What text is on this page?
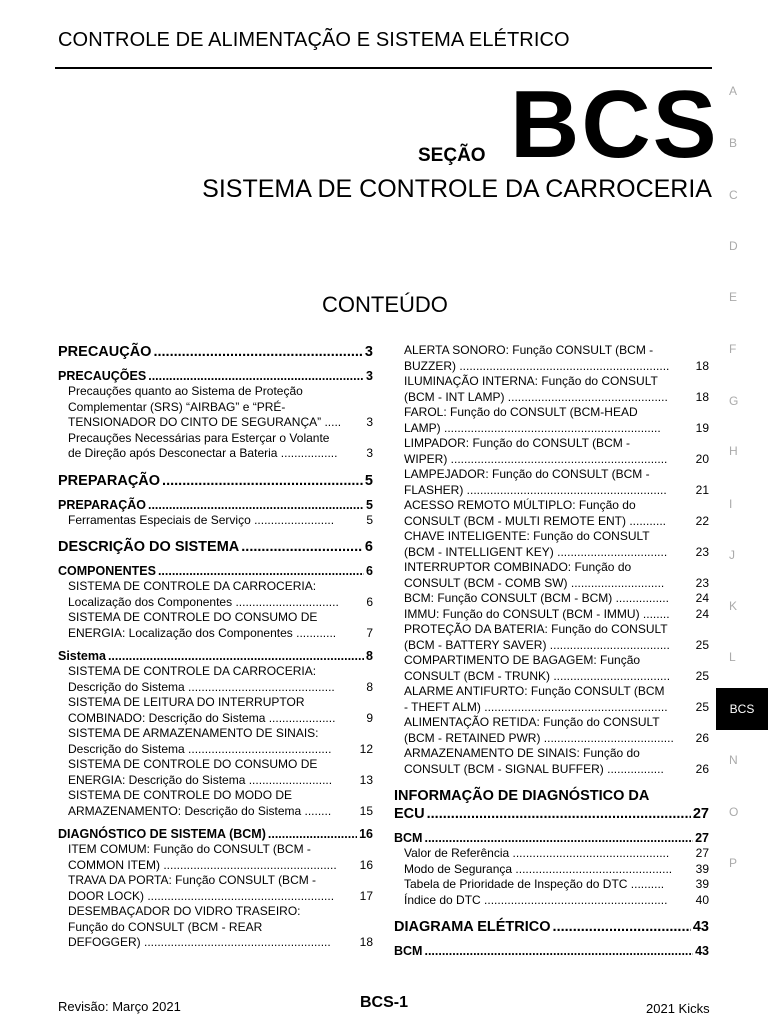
CONTROLE DE ALIMENTAÇÃO E SISTEMA ELÉTRICO
SEÇÃO BCS
SISTEMA DE CONTROLE DA CARROCERIA
CONTEÚDO
PRECAUÇÃO .....	3
PRECAUÇÕES .....	3
Precauções quanto ao Sistema de Proteção
Complementar (SRS) “AIRBAG” e “PRÉ-
TENSIONADOR DO CINTO DE SEGURANÇA” .....	3
Precauções Necessárias para Esterçar o Volante
de Direção após Desconectar a Bateria .................	3
PREPARAÇÃO .....	5
PREPARAÇÃO .....	5
Ferramentas Especiais de Serviço ........................	5
DESCRIÇÃO DO SISTEMA .....	6
COMPONENTES .....	6
SISTEMA DE CONTROLE DA CARROCERIA:
Localização dos Componentes ...............................	6
SISTEMA DE CONTROLE DO CONSUMO DE
ENERGIA: Localização dos Componentes ............	7
Sistema .....	8
SISTEMA DE CONTROLE DA CARROCERIA:
Descrição do Sistema ............................................	8
SISTEMA DE LEITURA DO INTERRUPTOR
COMBINADO: Descrição do Sistema ....................	9
SISTEMA DE ARMAZENAMENTO DE SINAIS:
Descrição do Sistema ...........................................	12
SISTEMA DE CONTROLE DO CONSUMO DE
ENERGIA: Descrição do Sistema .........................	13
SISTEMA DE CONTROLE DO MODO DE
ARMAZENAMENTO: Descrição do Sistema ........	15
DIAGNÓSTICO DE SISTEMA (BCM) .....	16
ITEM COMUM: Função do CONSULT (BCM -
COMMON ITEM) ....................................................	16
TRAVA DA PORTA: Função CONSULT (BCM -
DOOR LOCK) ........................................................	17
DESEMBAÇADOR DO VIDRO TRASEIRO:
Função do CONSULT (BCM - REAR
DEFOGGER) ........................................................	18
ALERTA SONORO: Função CONSULT (BCM -
BUZZER) ...............................................................	18
ILUMINAÇÃO INTERNA: Função do CONSULT
(BCM - INT LAMP) ................................................	18
FAROL: Função do CONSULT (BCM-HEAD
LAMP) .................................................................	19
LIMPADOR: Função do CONSULT (BCM -
WIPER) .................................................................	20
LAMPEJADOR: Função do CONSULT (BCM -
FLASHER) ............................................................	21
ACESSO REMOTO MÚLTIPLO: Função do
CONSULT (BCM - MULTI REMOTE ENT) ...........	22
CHAVE INTELIGENTE: Função do CONSULT
(BCM - INTELLIGENT KEY) .................................	23
INTERRUPTOR COMBINADO: Função do
CONSULT (BCM - COMB SW) ............................	23
BCM: Função CONSULT (BCM - BCM) ................	24
IMMU: Função do CONSULT (BCM - IMMU) ........	24
PROTEÇÃO DA BATERIA: Função do CONSULT
(BCM - BATTERY SAVER) ....................................	25
COMPARTIMENTO DE BAGAGEM: Função
CONSULT (BCM - TRUNK) ...................................	25
ALARME ANTIFURTO: Função CONSULT (BCM
- THEFT ALM) .......................................................	25
ALIMENTAÇÃO RETIDA: Função do CONSULT
(BCM - RETAINED PWR) .......................................	26
ARMAZENAMENTO DE SINAIS: Função do
CONSULT (BCM - SIGNAL BUFFER) .................	26
INFORMAÇÃO DE DIAGNÓSTICO DA
ECU .....	27
BCM .....	27
Valor de Referência ...............................................	27
Modo de Segurança ...............................................	39
Tabela de Prioridade de Inspeção do DTC ..........	39
Índice do DTC .......................................................	40
DIAGRAMA ELÉTRICO .....	43
BCM .....	43
A
B
C
D
E
F
G
H
I
J
K
L
N
O
P
BCS
Revisão: Março 2021	BCS-1	2021 Kicks
